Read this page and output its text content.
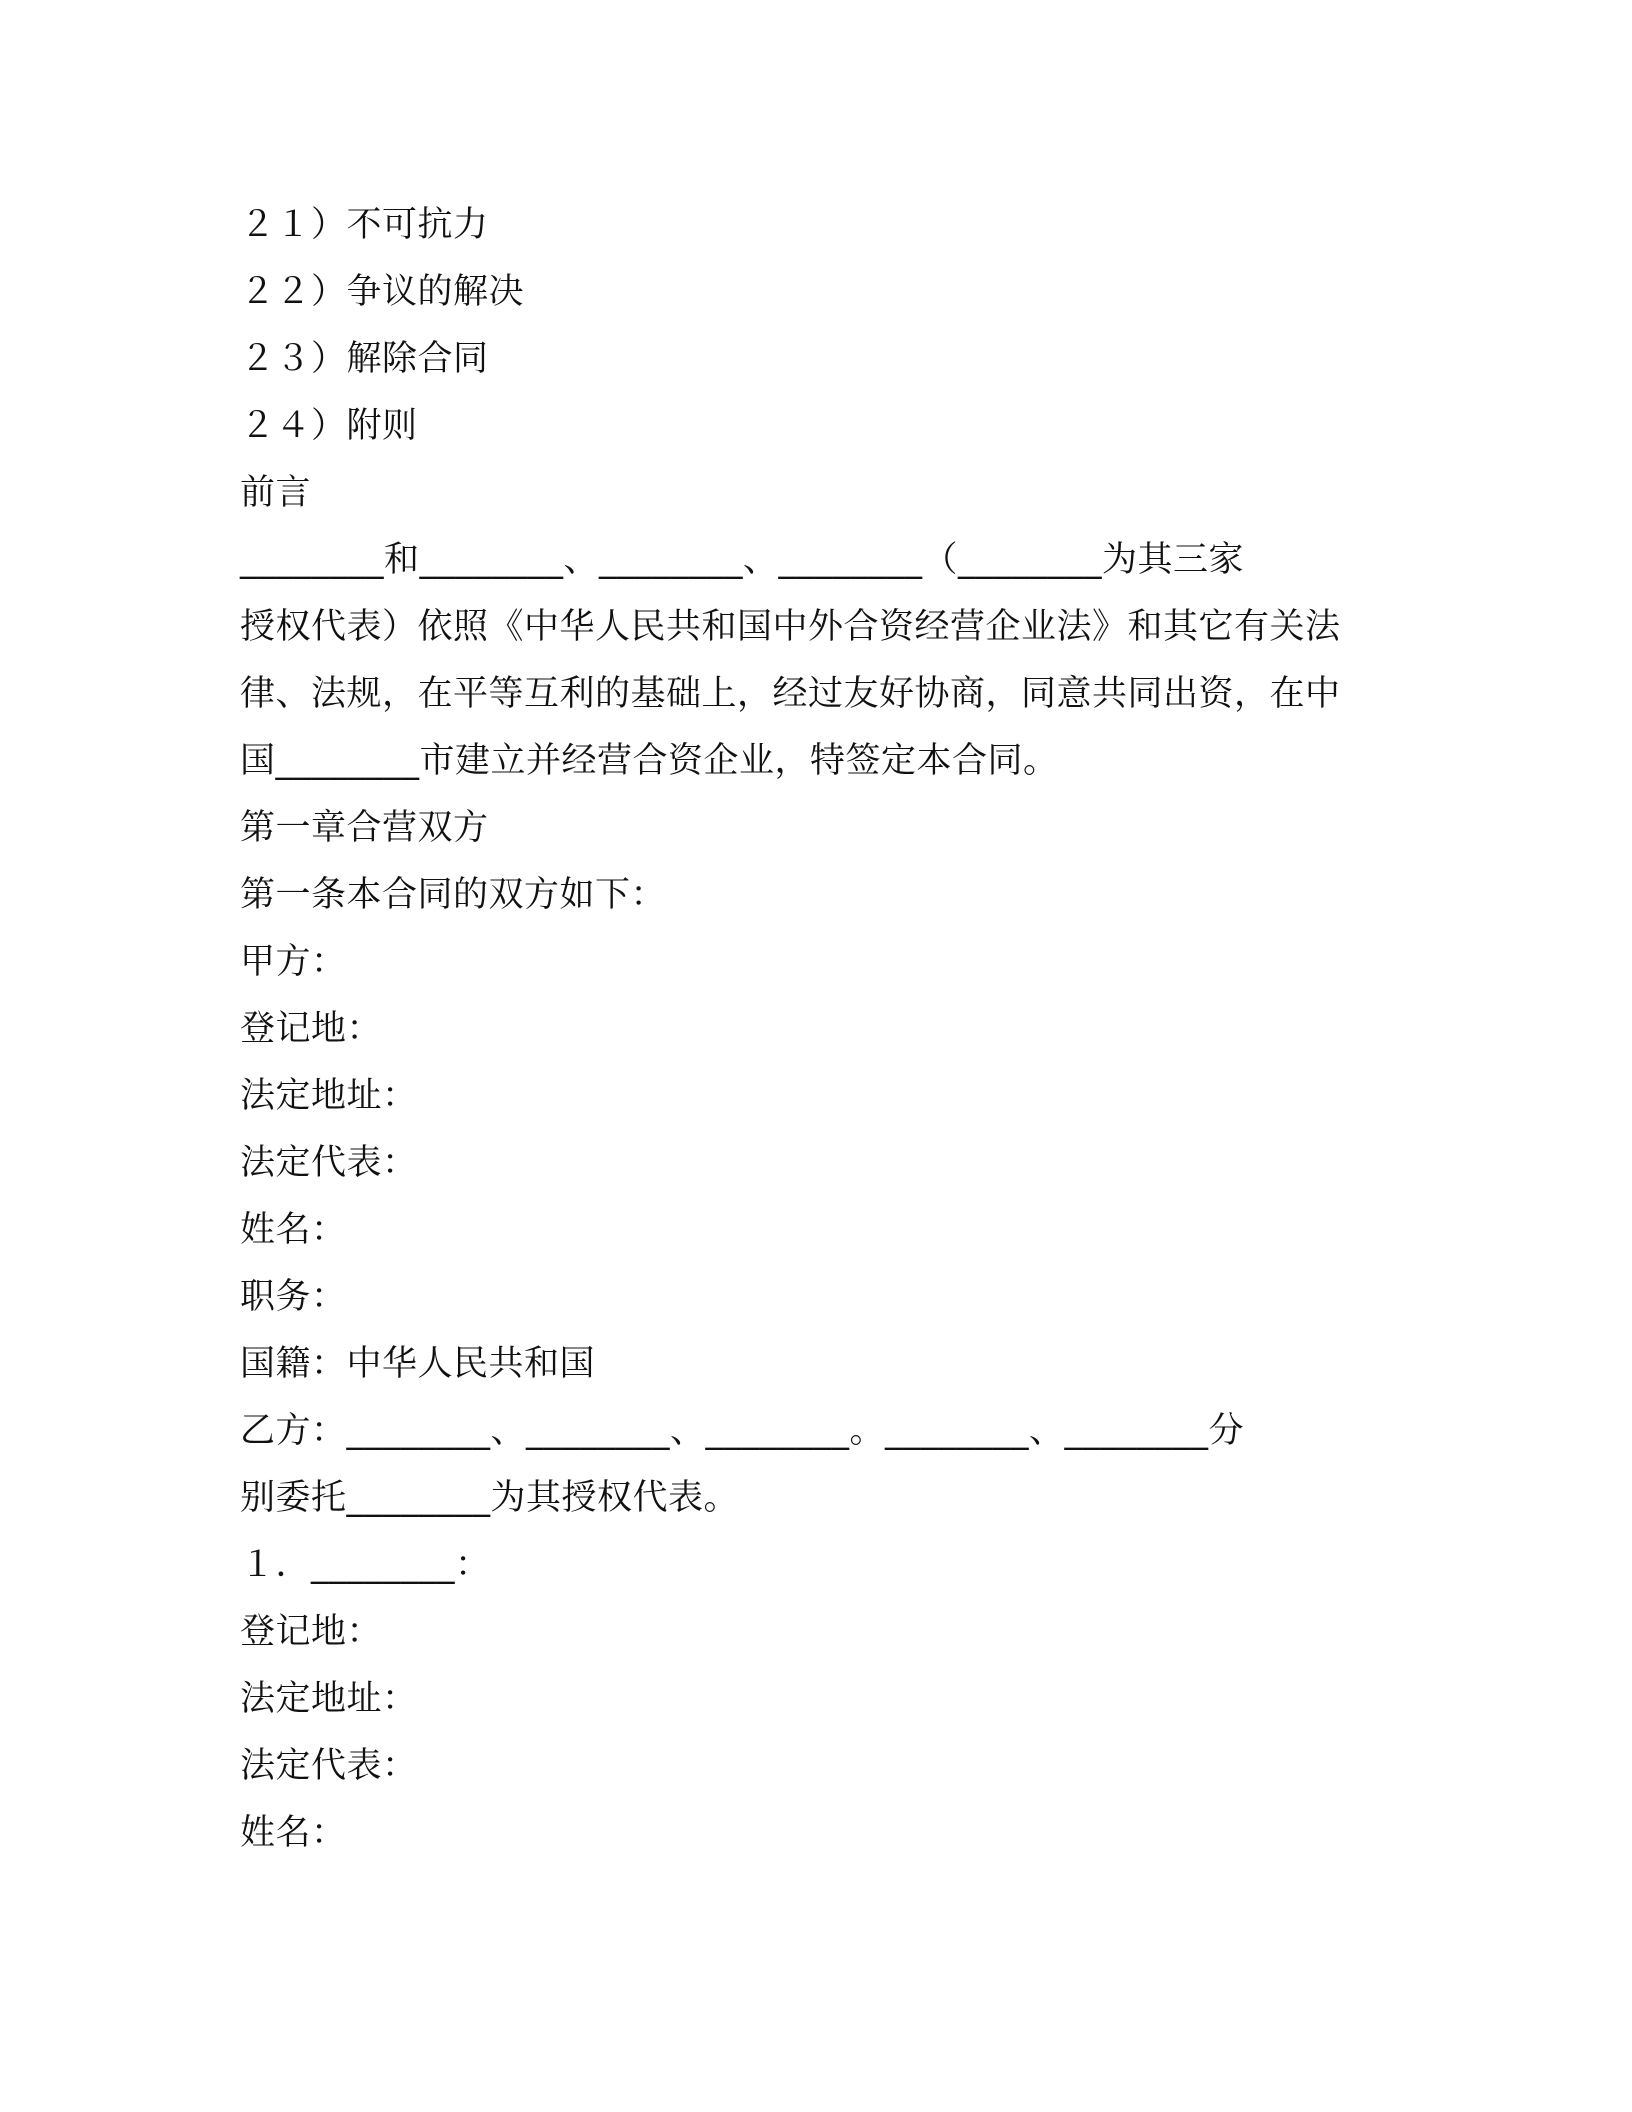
２１）不可抗力

２２）争议的解决

２３）解除合同

２４）附则

前言

________和________、________、________（________为其三家

授权代表）依照《中华人民共和国中外合资经营企业法》和其它有关法

律、法规，在平等互利的基础上，经过友好协商，同意共同出资，在中

国________市建立并经营合资企业，特签定本合同。

第一章合营双方

第一条本合同的双方如下：

甲方：

登记地：

法定地址：

法定代表：

姓名：

职务：

国籍：中华人民共和国

乙方：________、________、________。________、________分

别委托________为其授权代表。

１．________：

登记地：

法定地址：

法定代表：

姓名：
